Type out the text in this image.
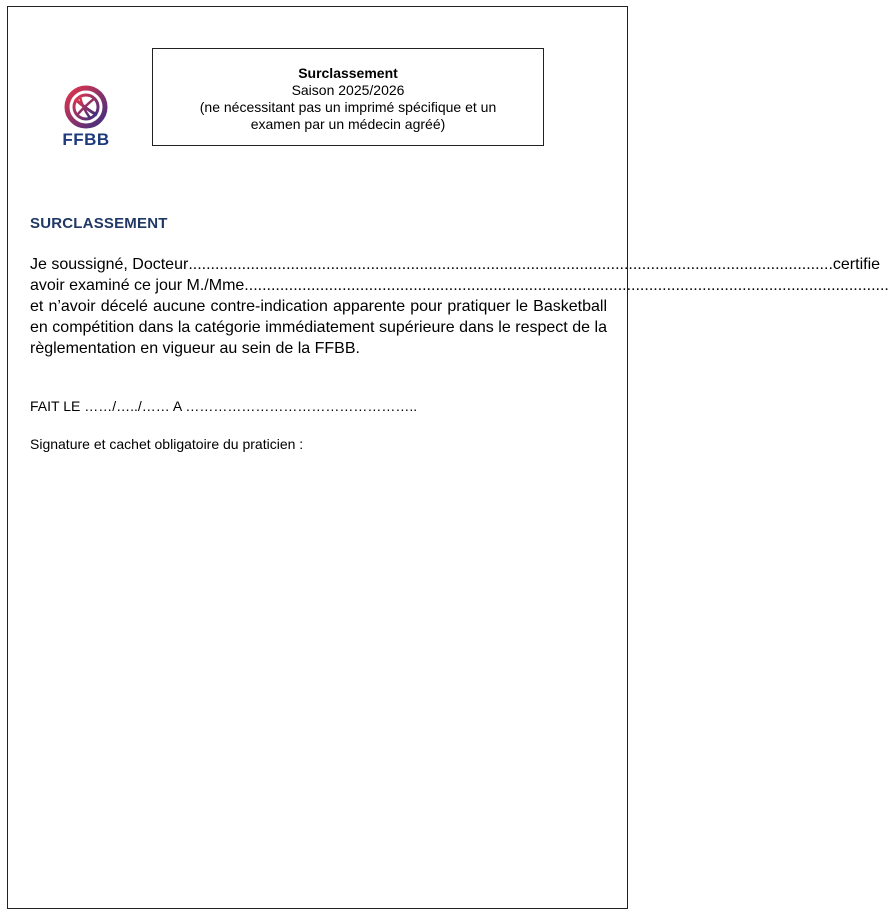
FFBB
Surclassement
Saison 2025/2026
(ne nécessitant pas un imprimé spécifique et un
examen par un médecin agréé)
SURCLASSEMENT
Je soussigné, Docteur ................................................................................................................................................. certifie
avoir examiné ce jour M./Mme .................................................................................................................................................
et n’avoir décelé aucune contre-indication apparente pour pratiquer le Basketball en compétition dans la catégorie immédiatement supérieure dans le respect de la règlementation en vigueur au sein de la FFBB.
FAIT LE ……/…../…… A …………………………………………..
Signature et cachet obligatoire du praticien :
